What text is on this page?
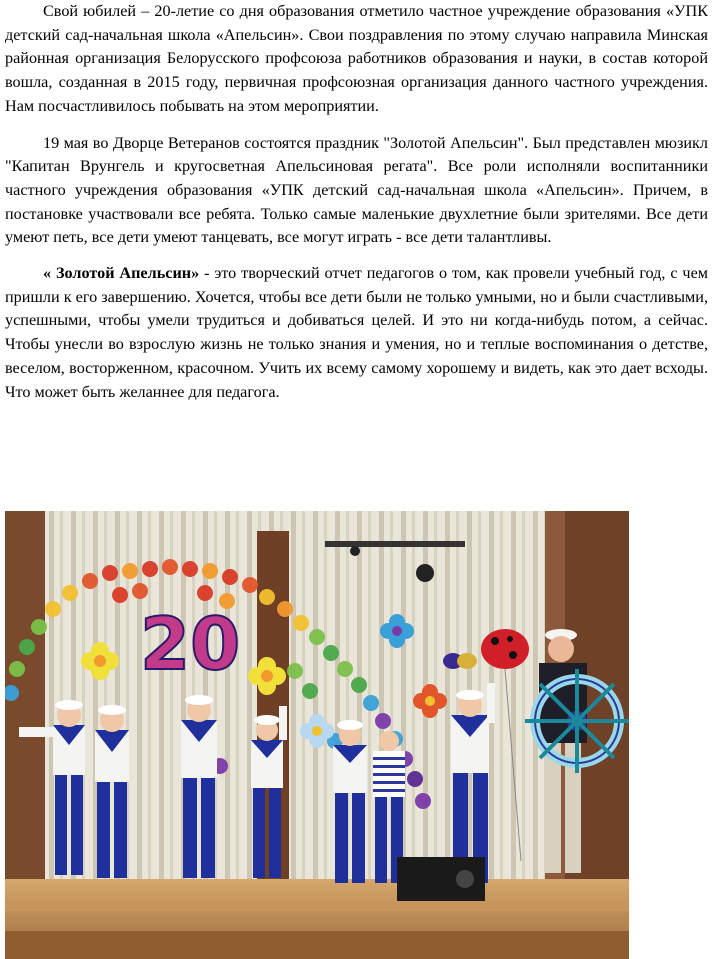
Свой юбилей – 20-летие со дня образования отметило частное учреждение образования «УПК детский сад-начальная школа «Апельсин». Свои поздравления по этому случаю направила Минская районная организация Белорусского профсоюза работников образования и науки, в состав которой вошла, созданная в 2015 году, первичная профсоюзная организация данного частного учреждения. Нам посчастливилось побывать на этом мероприятии.

19 мая во Дворце Ветеранов состоятся праздник "Золотой Апельсин". Был представлен мюзикл "Капитан Врунгель и кругосветная Апельсиновая регата". Все роли исполняли воспитанники частного учреждения образования «УПК детский сад-начальная школа «Апельсин». Причем, в постановке участвовали все ребята. Только самые маленькие двухлетние были зрителями. Все дети умеют петь, все дети умеют танцевать, все могут играть - все дети талантливы.

« Золотой Апельсин» - это творческий отчет педагогов о том, как провели учебный год, с чем пришли к его завершению. Хочется, чтобы все дети были не только умными, но и были счастливыми, успешными, чтобы умели трудиться и добиваться целей. И это ни когда-нибудь потом, а сейчас. Чтобы унесли во взрослую жизнь не только знания и умения, но и теплые воспоминания о детстве, веселом, восторженном, красочном. Учить их всему самому хорошему и видеть, как это дает всходы. Что может быть желаннее для педагога.

20
